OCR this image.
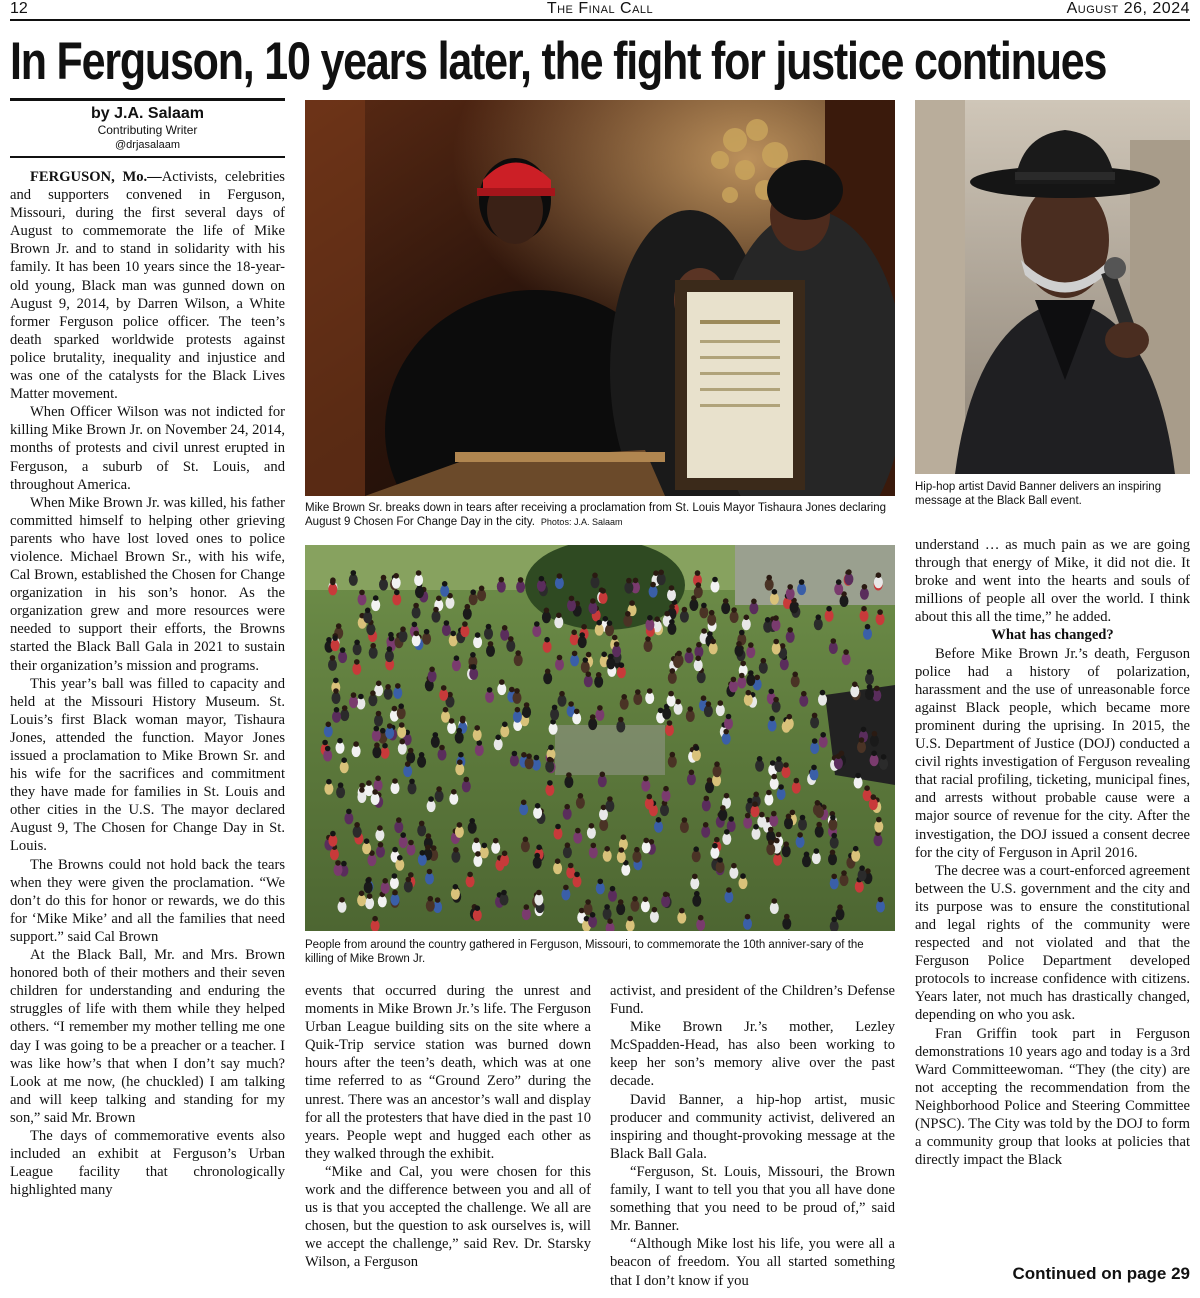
12	The Final Call	August 26, 2024
In Ferguson, 10 years later, the fight for justice continues
by J.A. Salaam
Contributing Writer
@drjasalaam

FERGUSON, Mo.—Activists, celebrities and supporters convened in Ferguson, Missouri, during the first several days of August to commemorate the life of Mike Brown Jr. and to stand in solidarity with his family. It has been 10 years since the 18-year-old young, Black man was gunned down on August 9, 2014, by Darren Wilson, a White former Ferguson police officer. The teen’s death sparked worldwide protests against police brutality, inequality and injustice and was one of the catalysts for the Black Lives Matter movement.

When Officer Wilson was not indicted for killing Mike Brown Jr. on November 24, 2014, months of protests and civil unrest erupted in Ferguson, a suburb of St. Louis, and throughout America.

When Mike Brown Jr. was killed, his father committed himself to helping other grieving parents who have lost loved ones to police violence. Michael Brown Sr., with his wife, Cal Brown, established the Chosen for Change organization in his son’s honor. As the organization grew and more resources were needed to support their efforts, the Browns started the Black Ball Gala in 2021 to sustain their organization’s mission and programs.

This year’s ball was filled to capacity and held at the Missouri History Museum. St. Louis’s first Black woman mayor, Tishaura Jones, attended the function. Mayor Jones issued a proclamation to Mike Brown Sr. and his wife for the sacrifices and commitment they have made for families in St. Louis and other cities in the U.S. The mayor declared August 9, The Chosen for Change Day in St. Louis.

The Browns could not hold back the tears when they were given the proclamation. “We don’t do this for honor or rewards, we do this for ‘Mike Mike’ and all the families that need support.” said Cal Brown

At the Black Ball, Mr. and Mrs. Brown honored both of their mothers and their seven children for understanding and enduring the struggles of life with them while they helped others. “I remember my mother telling me one day I was going to be a preacher or a teacher. I was like how’s that when I don’t say much? Look at me now, (he chuckled) I am talking and will keep talking and standing for my son,” said Mr. Brown

The days of commemorative events also included an exhibit at Ferguson’s Urban League facility that chronologically highlighted many

Mike Brown Sr. breaks down in tears after receiving a proclamation from St. Louis Mayor Tishaura Jones declaring August 9 Chosen For Change Day in the city. Photos: J.A. Salaam
Hip-hop artist David Banner delivers an inspiring message at the Black Ball event.
People from around the country gathered in Ferguson, Missouri, to commemorate the 10th anniver-sary of the killing of Mike Brown Jr.

events that occurred during the unrest and moments in Mike Brown Jr.’s life. The Ferguson Urban League building sits on the site where a Quik-Trip service station was burned down hours after the teen’s death, which was at one time referred to as “Ground Zero” during the unrest. There was an ancestor’s wall and display for all the protesters that have died in the past 10 years. People wept and hugged each other as they walked through the exhibit.

“Mike and Cal, you were chosen for this work and the difference between you and all of us is that you accepted the challenge. We all are chosen, but the question to ask ourselves is, will we accept the challenge,” said Rev. Dr. Starsky Wilson, a Ferguson

activist, and president of the Children’s Defense Fund.

Mike Brown Jr.’s mother, Lezley McSpadden-Head, has also been working to keep her son’s memory alive over the past decade.

David Banner, a hip-hop artist, music producer and community activist, delivered an inspiring and thought-provoking message at the Black Ball Gala.

“Ferguson, St. Louis, Missouri, the Brown family, I want to tell you that you all have done something that you need to be proud of,” said Mr. Banner.

“Although Mike lost his life, you were all a beacon of freedom. You all started something that I don’t know if you

understand … as much pain as we are going through that energy of Mike, it did not die. It broke and went into the hearts and souls of millions of people all over the world. I think about this all the time,” he added.

What has changed?

Before Mike Brown Jr.’s death, Ferguson police had a history of polarization, harassment and the use of unreasonable force against Black people, which became more prominent during the uprising. In 2015, the U.S. Department of Justice (DOJ) conducted a civil rights investigation of Ferguson revealing that racial profiling, ticketing, municipal fines, and arrests without probable cause were a major source of revenue for the city. After the investigation, the DOJ issued a consent decree for the city of Ferguson in April 2016.

The decree was a court-enforced agreement between the U.S. government and the city and its purpose was to ensure the constitutional and legal rights of the community were respected and not violated and that the Ferguson Police Department developed protocols to increase confidence with citizens. Years later, not much has drastically changed, depending on who you ask.

Fran Griffin took part in Ferguson demonstrations 10 years ago and today is a 3rd Ward Committeewoman. “They (the city) are not accepting the recommendation from the Neighborhood Police and Steering Committee (NPSC). The City was told by the DOJ to form a community group that looks at policies that directly impact the Black

Continued on page 29
